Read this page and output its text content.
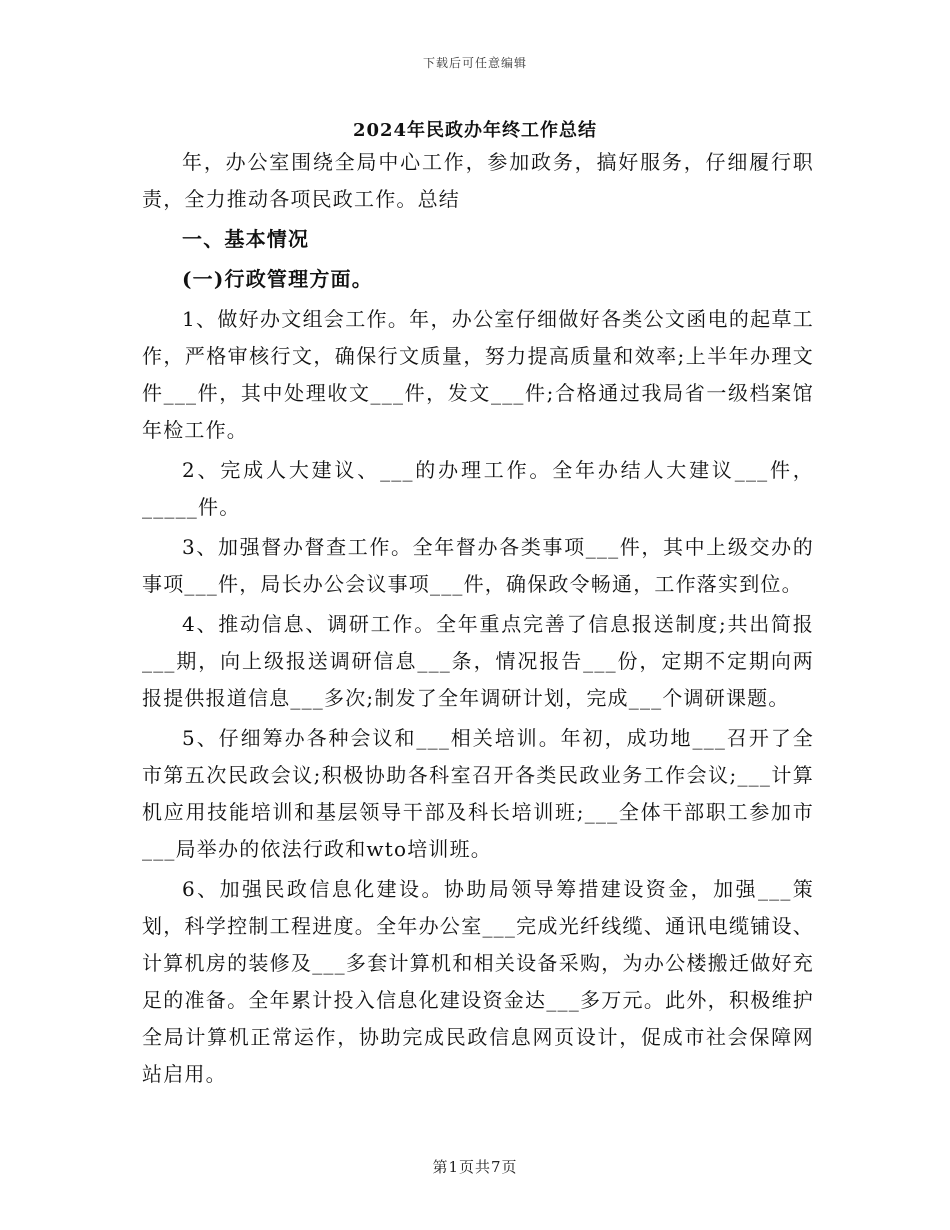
下载后可任意编辑
2024年民政办年终工作总结

年，办公室围绕全局中心工作，参加政务，搞好服务，仔细履行职责，全力推动各项民政工作。总结

一、基本情况

(一)行政管理方面。

1、做好办文组会工作。年，办公室仔细做好各类公文函电的起草工作，严格审核行文，确保行文质量，努力提高质量和效率;上半年办理文件___件，其中处理收文___件，发文___件;合格通过我局省一级档案馆年检工作。

2、完成人大建议、___的办理工作。全年办结人大建议___件，_____件。

3、加强督办督查工作。全年督办各类事项___件，其中上级交办的事项___件，局长办公会议事项___件，确保政令畅通，工作落实到位。

4、推动信息、调研工作。全年重点完善了信息报送制度;共出简报___期，向上级报送调研信息___条，情况报告___份，定期不定期向两报提供报道信息___多次;制发了全年调研计划，完成___个调研课题。

5、仔细筹办各种会议和___相关培训。年初，成功地___召开了全市第五次民政会议;积极协助各科室召开各类民政业务工作会议;___计算机应用技能培训和基层领导干部及科长培训班;___全体干部职工参加市___局举办的依法行政和wto培训班。

6、加强民政信息化建设。协助局领导筹措建设资金，加强___策划，科学控制工程进度。全年办公室___完成光纤线缆、通讯电缆铺设、计算机房的装修及___多套计算机和相关设备采购，为办公楼搬迁做好充足的准备。全年累计投入信息化建设资金达___多万元。此外，积极维护全局计算机正常运作，协助完成民政信息网页设计，促成市社会保障网站启用。

第1页共7页
